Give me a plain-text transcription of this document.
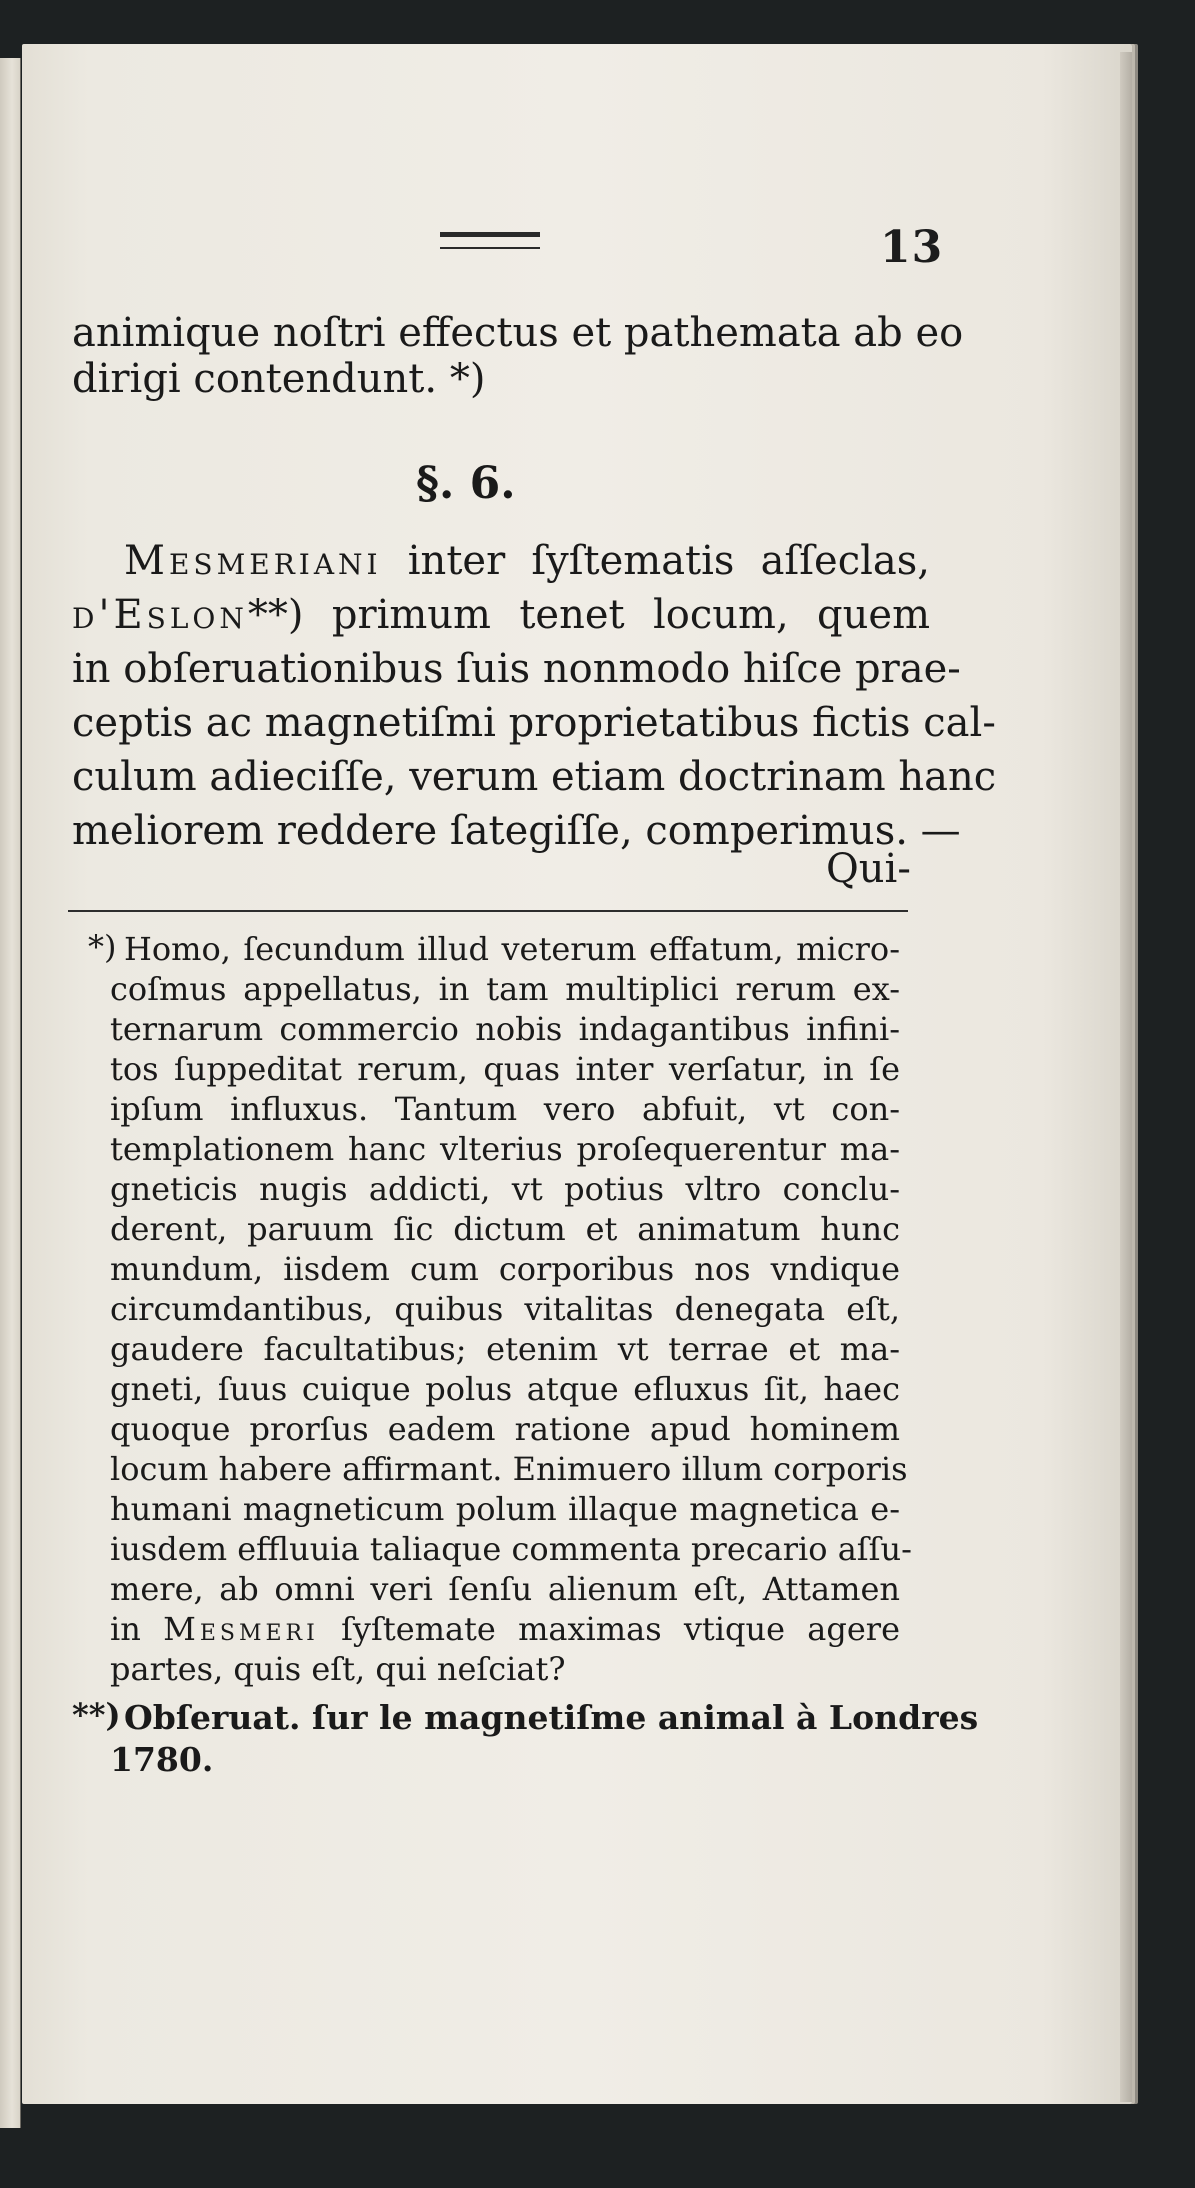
13
animique noſtri effectus et pathemata ab eo
dirigi contendunt. *)
§. 6.
Mesmeriani inter ſyſtematis aſſeclas,
d'Eslon**) primum tenet locum, quem
in obſeruationibus ſuis nonmodo hiſce prae-
ceptis ac magnetiſmi proprietatibus fictis cal-
culum adieciſſe, verum etiam doctrinam hanc
meliorem reddere ſategiſſe, comperimus. —
Qui-
*) Homo, ſecundum illud veterum effatum, micro-
coſmus appellatus, in tam multiplici rerum ex-
ternarum commercio nobis indagantibus infini-
tos ſuppeditat rerum, quas inter verſatur, in ſe
ipſum influxus. Tantum vero abfuit, vt con-
templationem hanc vlterius proſequerentur ma-
gneticis nugis addicti, vt potius vltro conclu-
derent, paruum ſic dictum et animatum hunc
mundum, iisdem cum corporibus nos vndique
circumdantibus, quibus vitalitas denegata eſt,
gaudere facultatibus; etenim vt terrae et ma-
gneti, ſuus cuique polus atque efluxus ſit, haec
quoque prorſus eadem ratione apud hominem
locum habere affirmant. Enimuero illum corporis
humani magneticum polum illaque magnetica e-
iusdem effluuia taliaque commenta precario aſſu-
mere, ab omni veri ſenſu alienum eſt, Attamen
in Mesmeri ſyſtemate maximas vtique agere
partes, quis eſt, qui neſciat?
**) Obſeruat. ſur le magnetiſme animal à Londres
1780.
